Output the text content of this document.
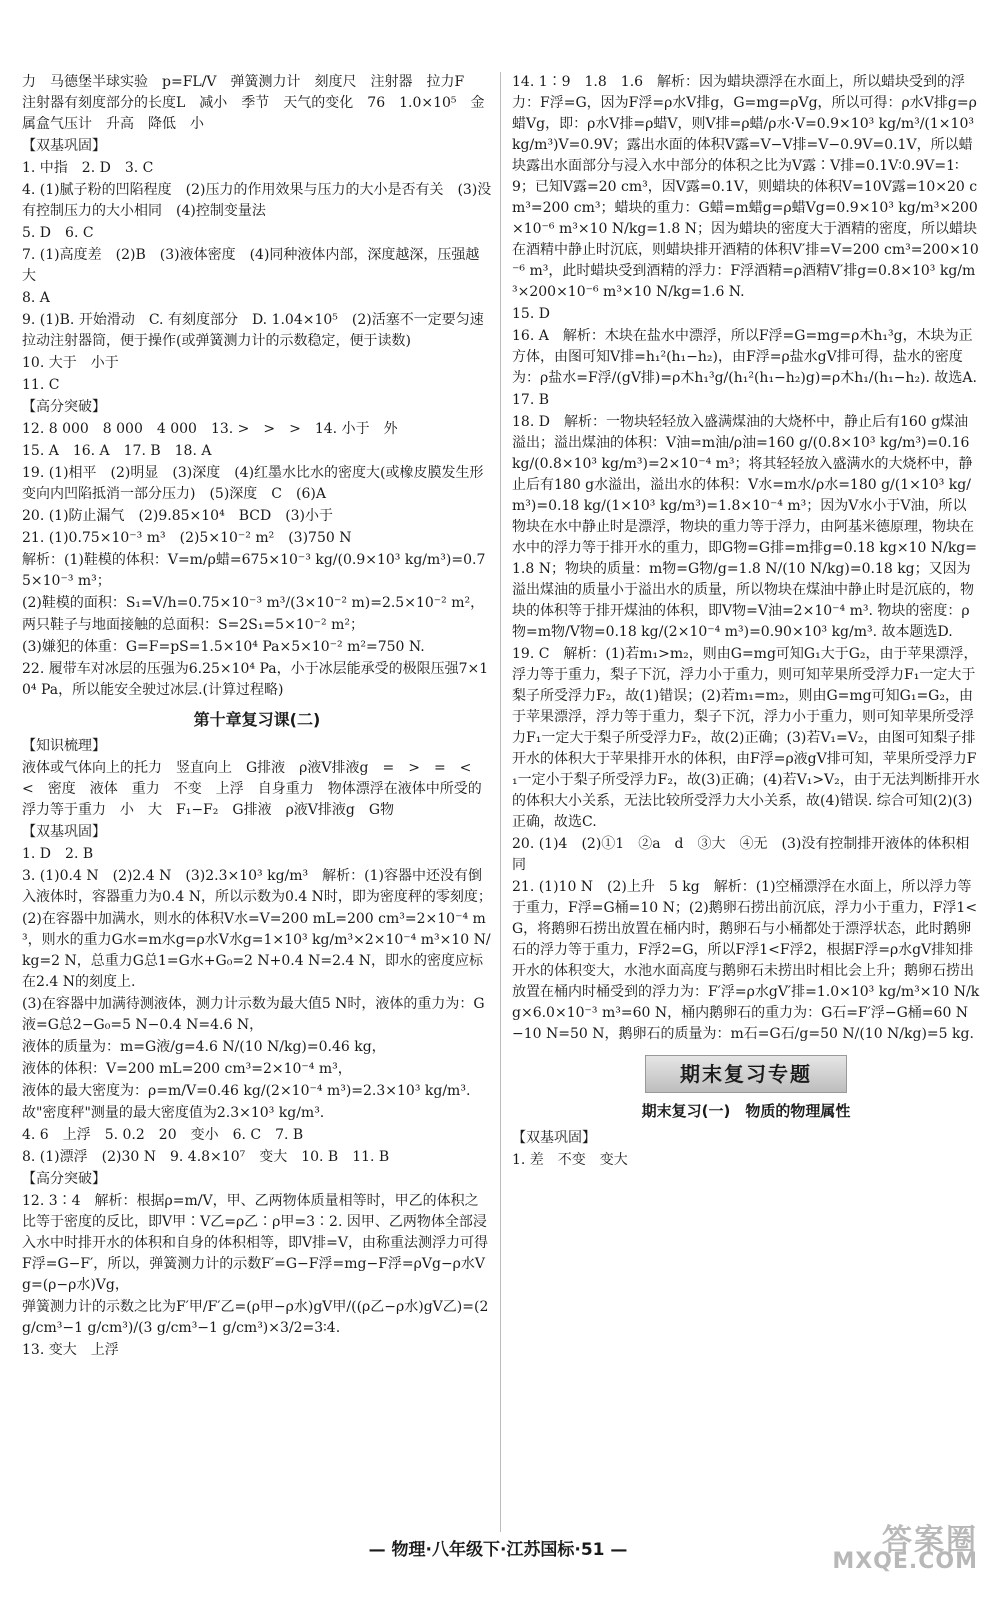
力　马德堡半球实验　p=FL/V　弹簧测力计　刻度尺　注射器　拉力F　注射器有刻度部分的长度L　减小　季节　天气的变化　76　1.0×10⁵　金属盒气压计　升高　降低　小
【双基巩固】
1. 中指　2. D　3. C
4. (1)腻子粉的凹陷程度　(2)压力的作用效果与压力的大小是否有关　(3)没有控制压力的大小相同　(4)控制变量法
5. D　6. C
7. (1)高度差　(2)B　(3)液体密度　(4)同种液体内部，深度越深，压强越大
8. A
9. (1)B. 开始滑动　C. 有刻度部分　D. 1.04×10⁵　(2)活塞不一定要匀速拉动注射器筒，便于操作(或弹簧测力计的示数稳定，便于读数)
10. 大于　小于
11. C
【高分突破】
12. 8 000　8 000　4 000　13. >　>　>　14. 小于　外
15. A　16. A　17. B　18. A
19. (1)相平　(2)明显　(3)深度　(4)红墨水比水的密度大(或橡皮膜发生形变向内凹陷抵消一部分压力)　(5)深度　C　(6)A
20. (1)防止漏气　(2)9.85×10⁴　BCD　(3)小于
21. (1)0.75×10⁻³ m³　(2)5×10⁻² m²　(3)750 N
解析：(1)鞋模的体积：V=m/ρ蜡=675×10⁻³ kg/(0.9×10³ kg/m³)=0.75×10⁻³ m³；
(2)鞋模的面积：S₁=V/h=0.75×10⁻³ m³/(3×10⁻² m)=2.5×10⁻² m²，
两只鞋子与地面接触的总面积：S=2S₁=5×10⁻² m²；
(3)嫌犯的体重：G=F=pS=1.5×10⁴ Pa×5×10⁻² m²=750 N.
22. 履带车对冰层的压强为6.25×10⁴ Pa，小于冰层能承受的极限压强7×10⁴ Pa，所以能安全驶过冰层.(计算过程略)
第十章复习课(二)
【知识梳理】
液体或气体向上的托力　竖直向上　G排液　ρ液V排液g　=　>　=　<　<　密度　液体　重力　不变　上浮　自身重力　物体漂浮在液体中所受的浮力等于重力　小　大　F₁−F₂　G排液　ρ液V排液g　G物
【双基巩固】
1. D　2. B
3. (1)0.4 N　(2)2.4 N　(3)2.3×10³ kg/m³　解析：(1)容器中还没有倒入液体时，容器重力为0.4 N，所以示数为0.4 N时，即为密度秤的零刻度；
(2)在容器中加满水，则水的体积V水=V=200 mL=200 cm³=2×10⁻⁴ m³，则水的重力G水=m水g=ρ水V水g=1×10³ kg/m³×2×10⁻⁴ m³×10 N/kg=2 N，总重力G总1=G水+G₀=2 N+0.4 N=2.4 N，即水的密度应标在2.4 N的刻度上.
(3)在容器中加满待测液体，测力计示数为最大值5 N时，液体的重力为：G液=G总2−G₀=5 N−0.4 N=4.6 N，
液体的质量为：m=G液/g=4.6 N/(10 N/kg)=0.46 kg，
液体的体积：V=200 mL=200 cm³=2×10⁻⁴ m³，
液体的最大密度为：ρ=m/V=0.46 kg/(2×10⁻⁴ m³)=2.3×10³ kg/m³.
故"密度秤"测量的最大密度值为2.3×10³ kg/m³.
4. 6　上浮　5. 0.2　20　变小　6. C　7. B
8. (1)漂浮　(2)30 N　9. 4.8×10⁷　变大　10. B　11. B
【高分突破】
12. 3∶4　解析：根据ρ=m/V，甲、乙两物体质量相等时，甲乙的体积之比等于密度的反比，即V甲∶V乙=ρ乙∶ρ甲=3∶2. 因甲、乙两物体全部浸入水中时排开水的体积和自身的体积相等，即V排=V，由称重法测浮力可得F浮=G−F′，所以，弹簧测力计的示数F′=G−F浮=mg−F浮=ρVg−ρ水Vg=(ρ−ρ水)Vg，
弹簧测力计的示数之比为F′甲/F′乙=(ρ甲−ρ水)gV甲/((ρ乙−ρ水)gV乙)=(2 g/cm³−1 g/cm³)/(3 g/cm³−1 g/cm³)×3/2=3∶4.
13. 变大　上浮
14. 1∶9　1.8　1.6　解析：因为蜡块漂浮在水面上，所以蜡块受到的浮力：F浮=G，因为F浮=ρ水V排g，G=mg=ρVg，所以可得：ρ水V排g=ρ蜡Vg，即：ρ水V排=ρ蜡V，则V排=ρ蜡/ρ水·V=0.9×10³ kg/m³/(1×10³ kg/m³)V=0.9V；露出水面的体积V露=V−V排=V−0.9V=0.1V，所以蜡块露出水面部分与浸入水中部分的体积之比为V露∶V排=0.1V∶0.9V=1∶9；已知V露=20 cm³，因V露=0.1V，则蜡块的体积V=10V露=10×20 cm³=200 cm³；蜡块的重力：G蜡=m蜡g=ρ蜡Vg=0.9×10³ kg/m³×200×10⁻⁶ m³×10 N/kg=1.8 N；因为蜡块的密度大于酒精的密度，所以蜡块在酒精中静止时沉底，则蜡块排开酒精的体积V′排=V=200 cm³=200×10⁻⁶ m³，此时蜡块受到酒精的浮力：F浮酒精=ρ酒精V′排g=0.8×10³ kg/m³×200×10⁻⁶ m³×10 N/kg=1.6 N.
15. D
16. A　解析：木块在盐水中漂浮，所以F浮=G=mg=ρ木h₁³g，木块为正方体，由图可知V排=h₁²(h₁−h₂)，由F浮=ρ盐水gV排可得，盐水的密度为：ρ盐水=F浮/(gV排)=ρ木h₁³g/(h₁²(h₁−h₂)g)=ρ木h₁/(h₁−h₂). 故选A.
17. B
18. D　解析：一物块轻轻放入盛满煤油的大烧杯中，静止后有160 g煤油溢出；溢出煤油的体积：V油=m油/ρ油=160 g/(0.8×10³ kg/m³)=0.16 kg/(0.8×10³ kg/m³)=2×10⁻⁴ m³；将其轻轻放入盛满水的大烧杯中，静止后有180 g水溢出，溢出水的体积：V水=m水/ρ水=180 g/(1×10³ kg/m³)=0.18 kg/(1×10³ kg/m³)=1.8×10⁻⁴ m³；因为V水小于V油，所以物块在水中静止时是漂浮，物块的重力等于浮力，由阿基米德原理，物块在水中的浮力等于排开水的重力，即G物=G排=m排g=0.18 kg×10 N/kg=1.8 N；物块的质量：m物=G物/g=1.8 N/(10 N/kg)=0.18 kg；又因为溢出煤油的质量小于溢出水的质量，所以物块在煤油中静止时是沉底的，物块的体积等于排开煤油的体积，即V物=V油=2×10⁻⁴ m³. 物块的密度：ρ物=m物/V物=0.18 kg/(2×10⁻⁴ m³)=0.90×10³ kg/m³. 故本题选D.
19. C　解析：(1)若m₁>m₂，则由G=mg可知G₁大于G₂，由于苹果漂浮，浮力等于重力，梨子下沉，浮力小于重力，则可知苹果所受浮力F₁一定大于梨子所受浮力F₂，故(1)错误；(2)若m₁=m₂，则由G=mg可知G₁=G₂，由于苹果漂浮，浮力等于重力，梨子下沉，浮力小于重力，则可知苹果所受浮力F₁一定大于梨子所受浮力F₂，故(2)正确；(3)若V₁=V₂，由图可知梨子排开水的体积大于苹果排开水的体积，由F浮=ρ液gV排可知，苹果所受浮力F₁一定小于梨子所受浮力F₂，故(3)正确；(4)若V₁>V₂，由于无法判断排开水的体积大小关系，无法比较所受浮力大小关系，故(4)错误. 综合可知(2)(3)正确，故选C.
20. (1)4　(2)①1　②a　d　③大　④无　(3)没有控制排开液体的体积相同
21. (1)10 N　(2)上升　5 kg　解析：(1)空桶漂浮在水面上，所以浮力等于重力，F浮=G桶=10 N；(2)鹅卵石捞出前沉底，浮力小于重力，F浮1<G，将鹅卵石捞出放置在桶内时，鹅卵石与小桶都处于漂浮状态，此时鹅卵石的浮力等于重力，F浮2=G，所以F浮1<F浮2，根据F浮=ρ水gV排知排开水的体积变大，水池水面高度与鹅卵石未捞出时相比会上升；鹅卵石捞出放置在桶内时桶受到的浮力为：F′浮=ρ水gV′排=1.0×10³ kg/m³×10 N/kg×6.0×10⁻³ m³=60 N，桶内鹅卵石的重力为：G石=F′浮−G桶=60 N−10 N=50 N，鹅卵石的质量为：m石=G石/g=50 N/(10 N/kg)=5 kg.
期末复习专题
期末复习(一)　物质的物理属性
【双基巩固】
1. 差　不变　变大
— 物理·八年级下·江苏国标·51 —	答案圈
MXQE.COM
